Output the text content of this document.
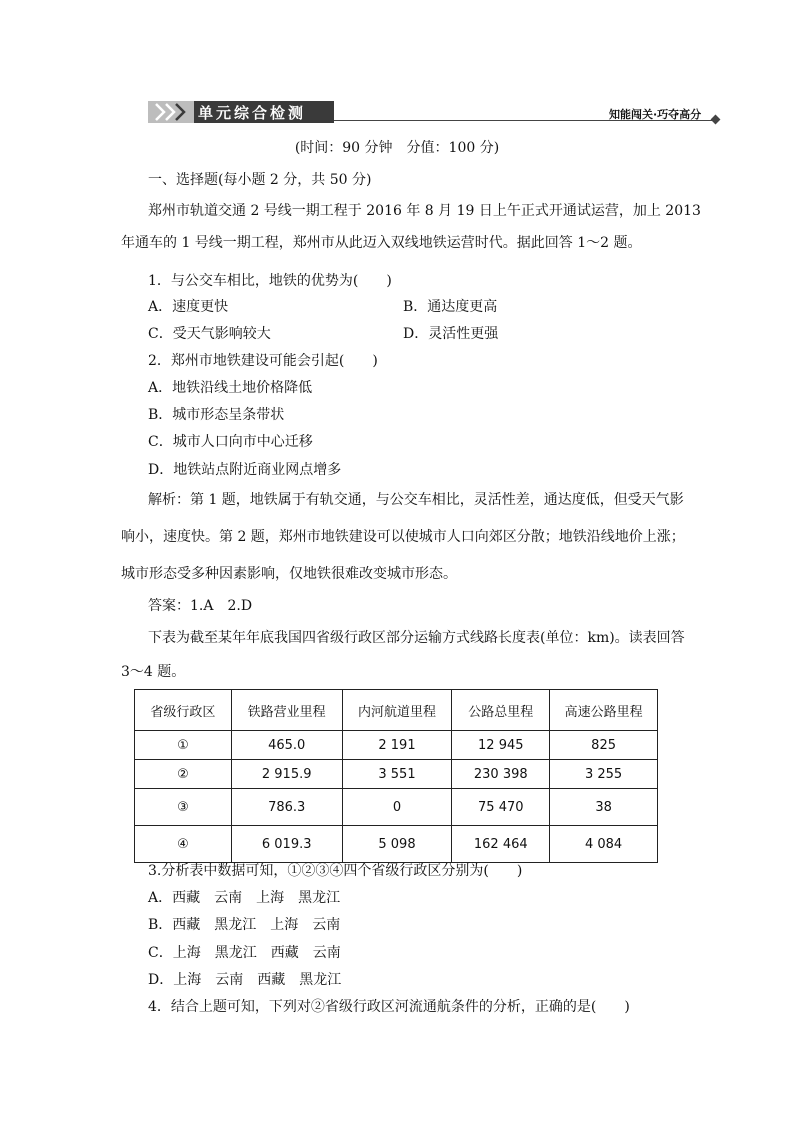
单元综合检测	知能闯关·巧夺高分
(时间：90 分钟　分值：100 分)
一、选择题(每小题 2 分，共 50 分)
郑州市轨道交通 2 号线一期工程于 2016 年 8 月 19 日上午正式开通试运营，加上 2013
年通车的 1 号线一期工程，郑州市从此迈入双线地铁运营时代。据此回答 1～2 题。
1．与公交车相比，地铁的优势为(　　)
A．速度更快	B．通达度更高
C．受天气影响较大	D．灵活性更强
2．郑州市地铁建设可能会引起(　　)
A．地铁沿线土地价格降低
B．城市形态呈条带状
C．城市人口向市中心迁移
D．地铁站点附近商业网点增多
解析：第 1 题，地铁属于有轨交通，与公交车相比，灵活性差，通达度低，但受天气影
响小，速度快。第 2 题，郑州市地铁建设可以使城市人口向郊区分散；地铁沿线地价上涨；
城市形态受多种因素影响，仅地铁很难改变城市形态。
答案：1.A　2.D
下表为截至某年年底我国四省级行政区部分运输方式线路长度表(单位：km)。读表回答
3～4 题。
省级行政区	铁路营业里程	内河航道里程	公路总里程	高速公路里程
①	465.0	2 191	12 945	825
②	2 915.9	3 551	230 398	3 255
③	786.3	0	75 470	38
④	6 019.3	5 098	162 464	4 084
3.分析表中数据可知，①②③④四个省级行政区分别为(　　)
A．西藏　云南　上海　黑龙江
B．西藏　黑龙江　上海　云南
C．上海　黑龙江　西藏　云南
D．上海　云南　西藏　黑龙江
4．结合上题可知，下列对②省级行政区河流通航条件的分析，正确的是(　　)
